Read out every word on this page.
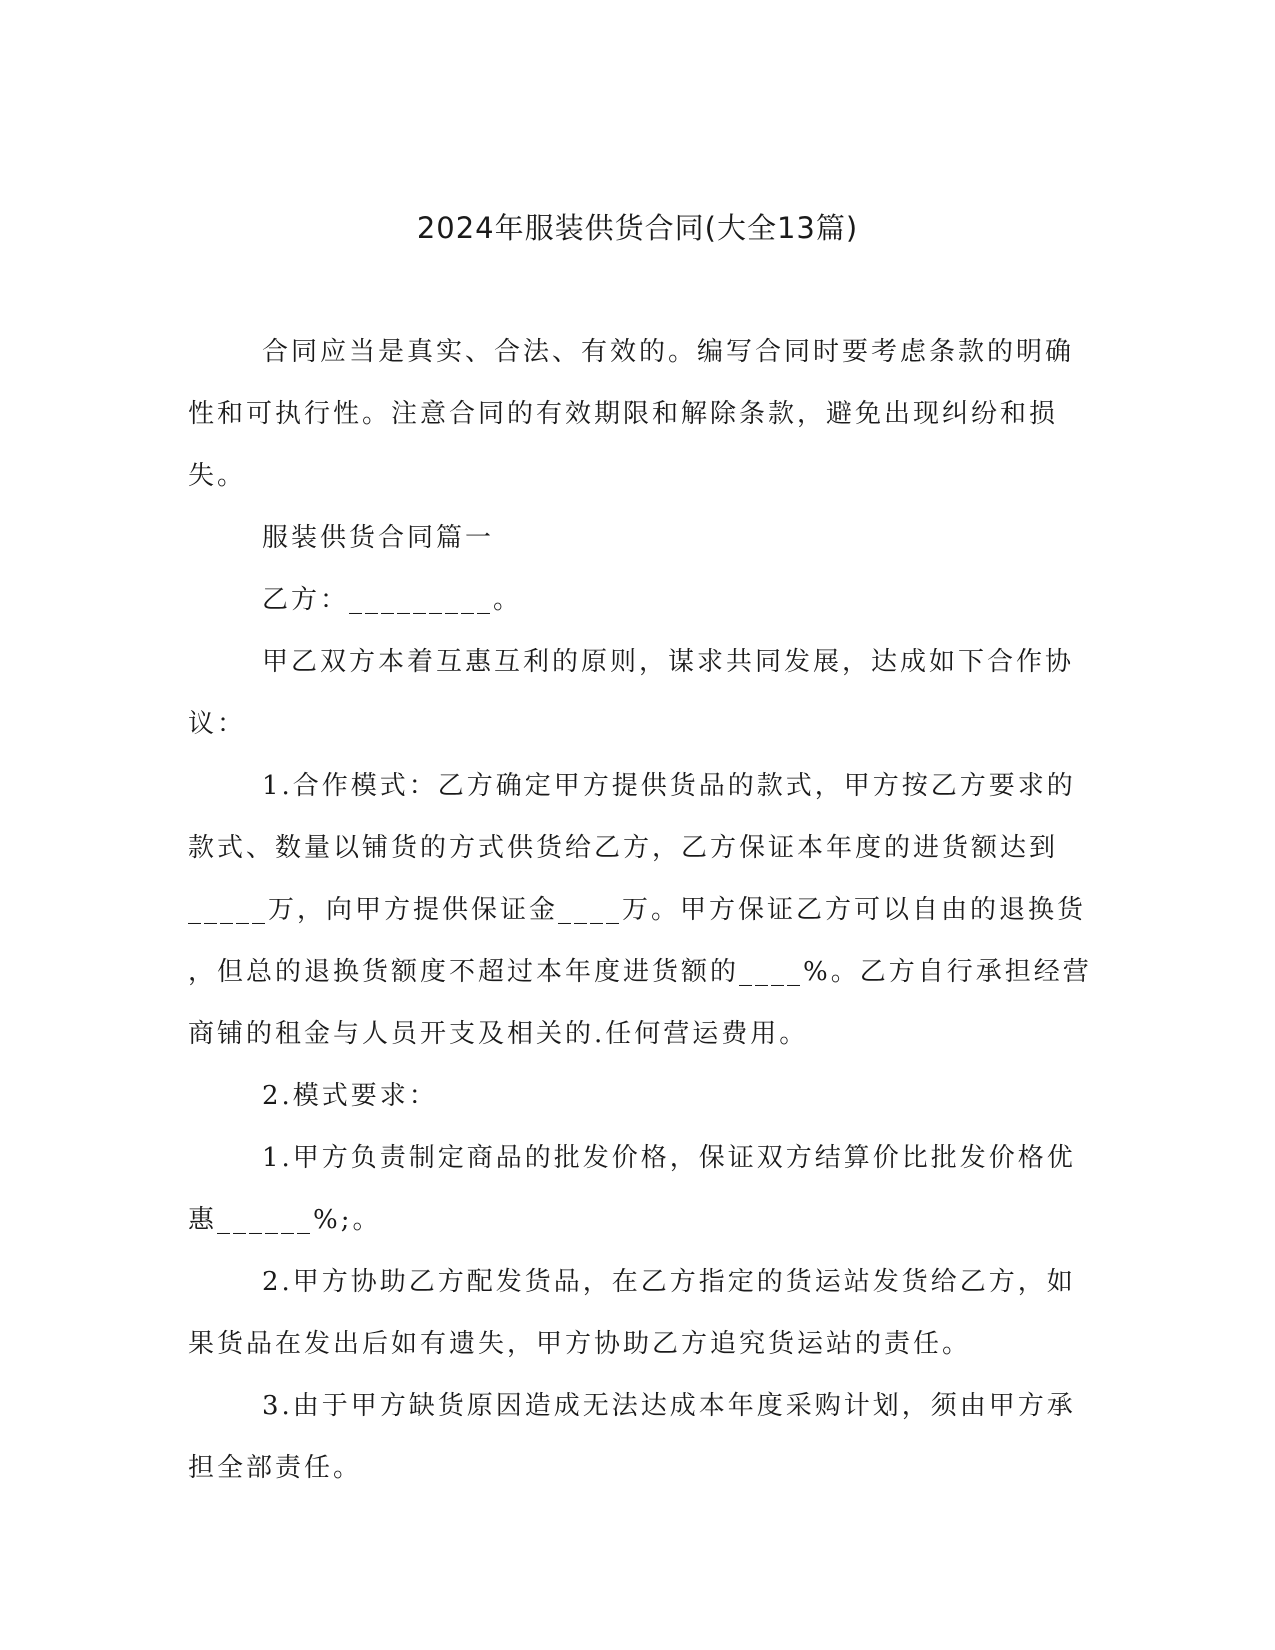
2024年服装供货合同(大全13篇)

合同应当是真实、合法、有效的。编写合同时要考虑条款的明确
性和可执行性。注意合同的有效期限和解除条款，避免出现纠纷和损
失。

服装供货合同篇一

乙方：_________。

甲乙双方本着互惠互利的原则，谋求共同发展，达成如下合作协
议：

1.合作模式：乙方确定甲方提供货品的款式，甲方按乙方要求的
款式、数量以铺货的方式供货给乙方，乙方保证本年度的进货额达到
_____万，向甲方提供保证金____万。甲方保证乙方可以自由的退换货
，但总的退换货额度不超过本年度进货额的____%。乙方自行承担经营
商铺的租金与人员开支及相关的.任何营运费用。

2.模式要求：

1.甲方负责制定商品的批发价格，保证双方结算价比批发价格优
惠______%;。

2.甲方协助乙方配发货品，在乙方指定的货运站发货给乙方，如
果货品在发出后如有遗失，甲方协助乙方追究货运站的责任。

3.由于甲方缺货原因造成无法达成本年度采购计划，须由甲方承
担全部责任。
